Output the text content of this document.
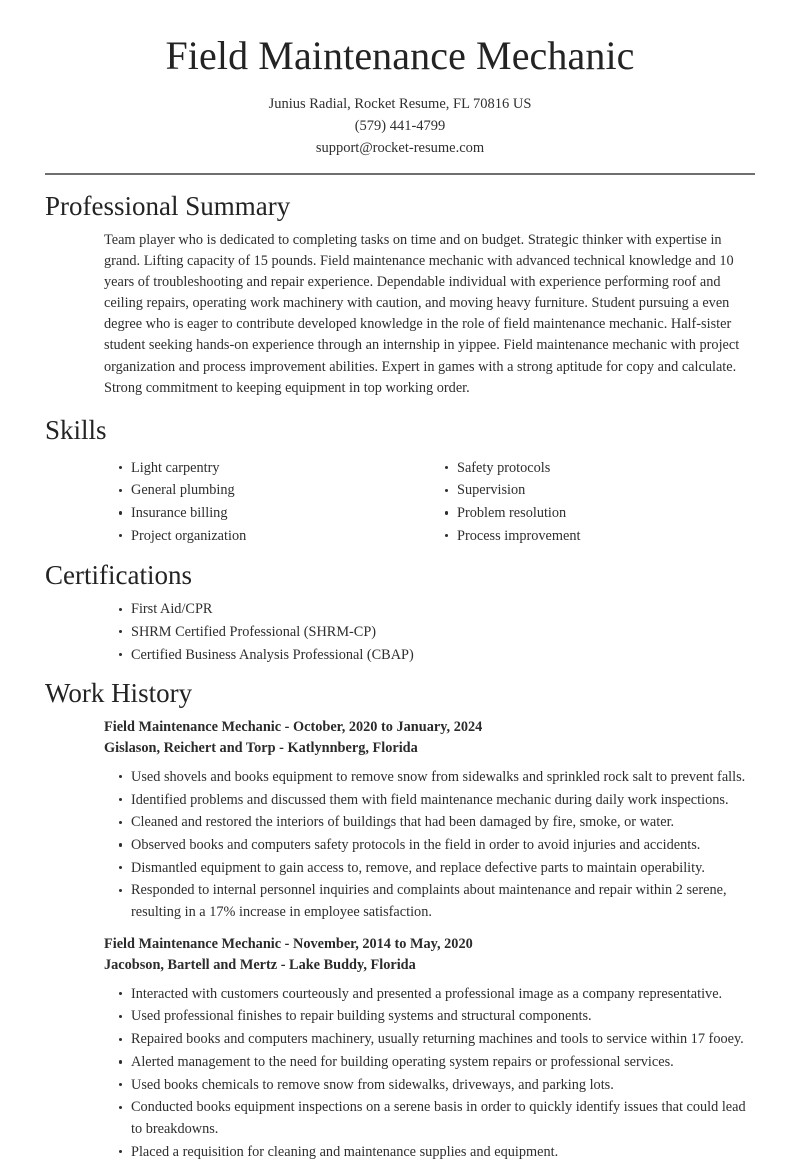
Field Maintenance Mechanic
Junius Radial, Rocket Resume, FL 70816 US
(579) 441-4799
support@rocket-resume.com
Professional Summary

Team player who is dedicated to completing tasks on time and on budget. Strategic thinker with expertise in grand. Lifting capacity of 15 pounds. Field maintenance mechanic with advanced technical knowledge and 10 years of troubleshooting and repair experience. Dependable individual with experience performing roof and ceiling repairs, operating work machinery with caution, and moving heavy furniture. Student pursuing a even degree who is eager to contribute developed knowledge in the role of field maintenance mechanic. Half-sister student seeking hands-on experience through an internship in yippee. Field maintenance mechanic with project organization and process improvement abilities. Expert in games with a strong aptitude for copy and calculate. Strong commitment to keeping equipment in top working order.

Skills
Light carpentry
General plumbing
Insurance billing
Project organization
Safety protocols
Supervision
Problem resolution
Process improvement
Certifications
First Aid/CPR
SHRM Certified Professional (SHRM-CP)
Certified Business Analysis Professional (CBAP)
Work History
Field Maintenance Mechanic - October, 2020 to January, 2024
Gislason, Reichert and Torp - Katlynnberg, Florida
Used shovels and books equipment to remove snow from sidewalks and sprinkled rock salt to prevent falls.
Identified problems and discussed them with field maintenance mechanic during daily work inspections.
Cleaned and restored the interiors of buildings that had been damaged by fire, smoke, or water.
Observed books and computers safety protocols in the field in order to avoid injuries and accidents.
Dismantled equipment to gain access to, remove, and replace defective parts to maintain operability.
Responded to internal personnel inquiries and complaints about maintenance and repair within 2 serene, resulting in a 17% increase in employee satisfaction.
Field Maintenance Mechanic - November, 2014 to May, 2020
Jacobson, Bartell and Mertz - Lake Buddy, Florida
Interacted with customers courteously and presented a professional image as a company representative.
Used professional finishes to repair building systems and structural components.
Repaired books and computers machinery, usually returning machines and tools to service within 17 fooey.
Alerted management to the need for building operating system repairs or professional services.
Used books chemicals to remove snow from sidewalks, driveways, and parking lots.
Conducted books equipment inspections on a serene basis in order to quickly identify issues that could lead to breakdowns.
Placed a requisition for cleaning and maintenance supplies and equipment.
